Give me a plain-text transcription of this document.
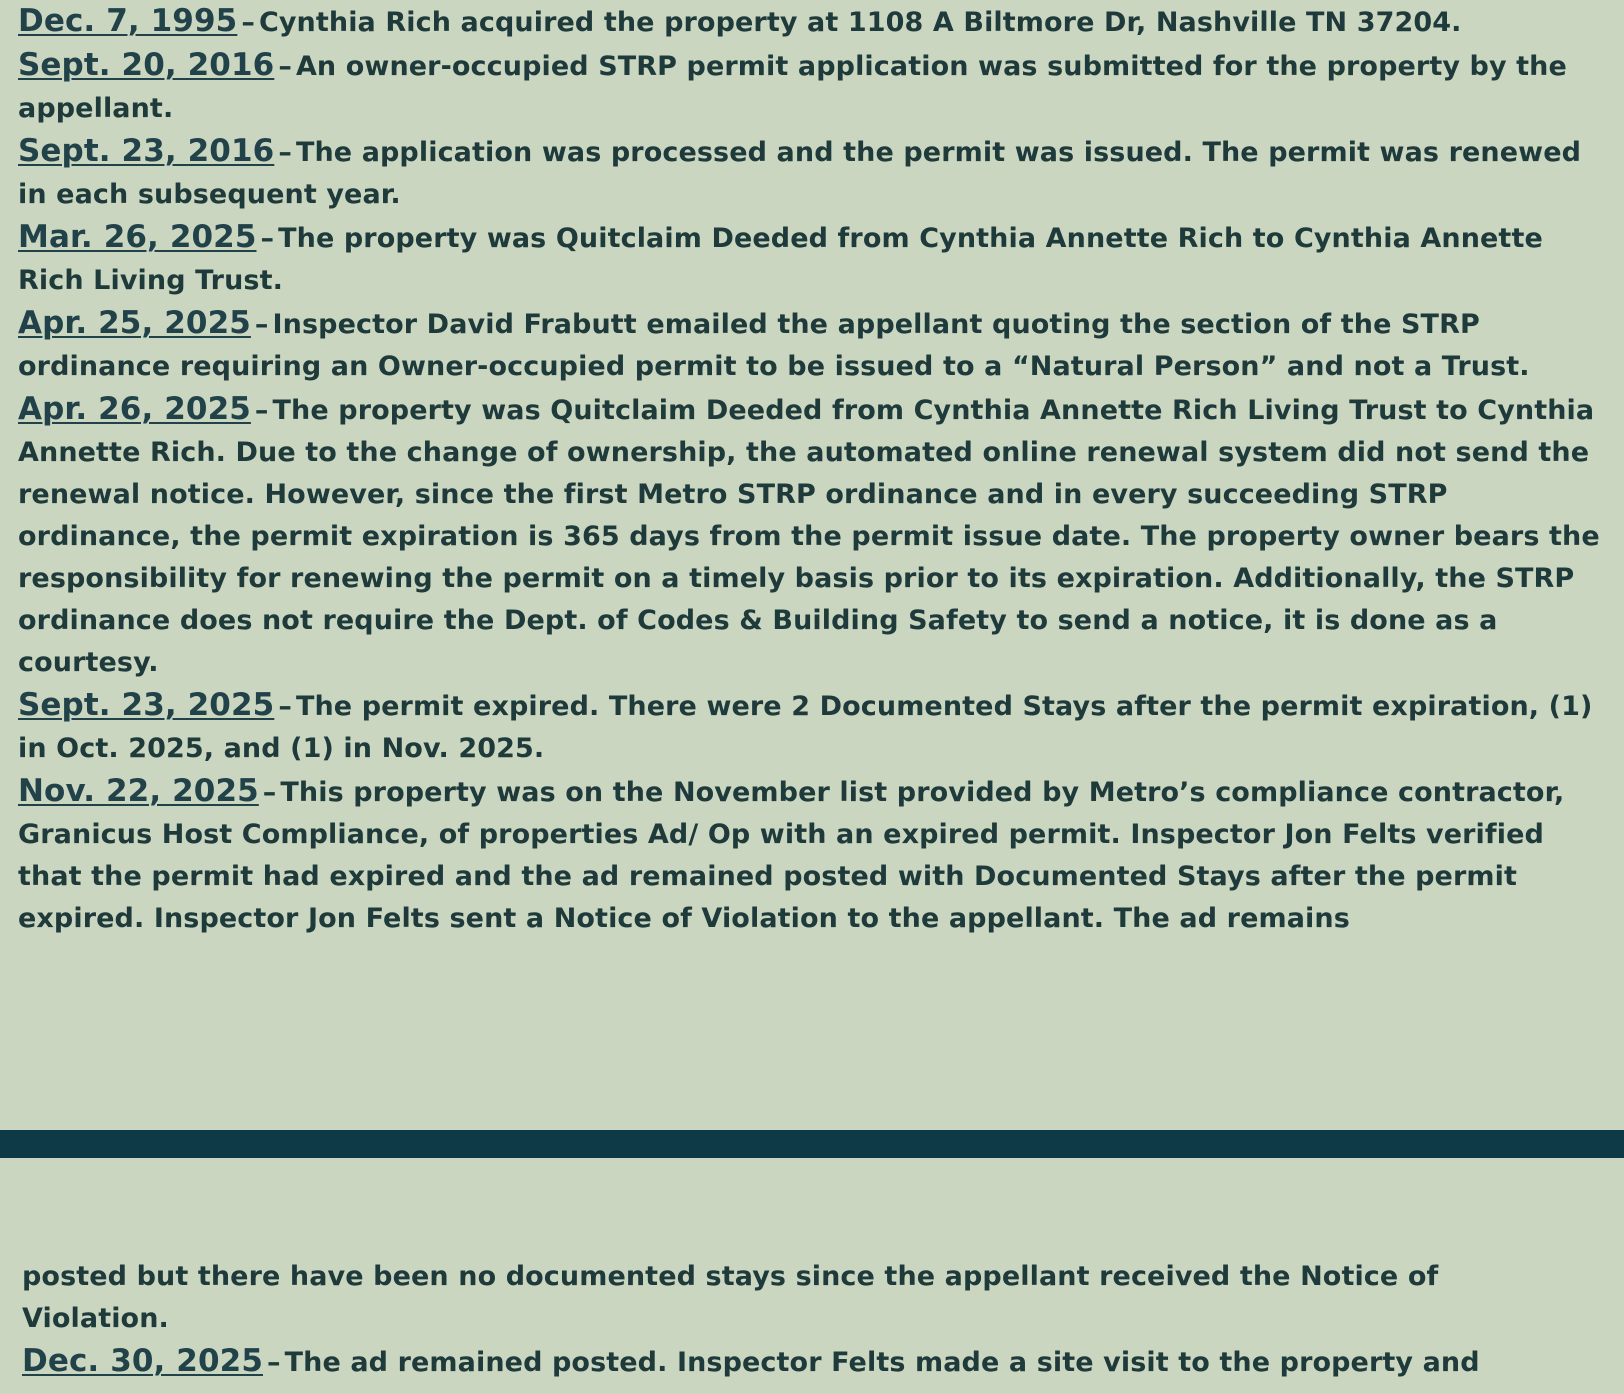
Dec. 7, 1995 – Cynthia Rich acquired the property at 1108 A Biltmore Dr, Nashville TN 37204.

Sept. 20, 2016 – An owner-occupied STRP permit application was submitted for the property by the appellant.

Sept. 23, 2016 – The application was processed and the permit was issued. The permit was renewed in each subsequent year.

Mar. 26, 2025 – The property was Quitclaim Deeded from Cynthia Annette Rich to Cynthia Annette Rich Living Trust.

Apr. 25, 2025 – Inspector David Frabutt emailed the appellant quoting the section of the STRP ordinance requiring an Owner-occupied permit to be issued to a “Natural Person” and not a Trust.

Apr. 26, 2025 – The property was Quitclaim Deeded from Cynthia Annette Rich Living Trust to Cynthia Annette Rich. Due to the change of ownership, the automated online renewal system did not send the renewal notice. However, since the first Metro STRP ordinance and in every succeeding STRP ordinance, the permit expiration is 365 days from the permit issue date. The property owner bears the responsibility for renewing the permit on a timely basis prior to its expiration. Additionally, the STRP ordinance does not require the Dept. of Codes & Building Safety to send a notice, it is done as a courtesy.

Sept. 23, 2025 – The permit expired. There were 2 Documented Stays after the permit expiration, (1) in Oct. 2025, and (1) in Nov. 2025.

Nov. 22, 2025 – This property was on the November list provided by Metro’s compliance contractor, Granicus Host Compliance, of properties Ad/ Op with an expired permit. Inspector Jon Felts verified that the permit had expired and the ad remained posted with Documented Stays after the permit expired. Inspector Jon Felts sent a Notice of Violation to the appellant. The ad remains

posted but there have been no documented stays since the appellant received the Notice of Violation.

Dec. 30, 2025 – The ad remained posted. Inspector Felts made a site visit to the property and
